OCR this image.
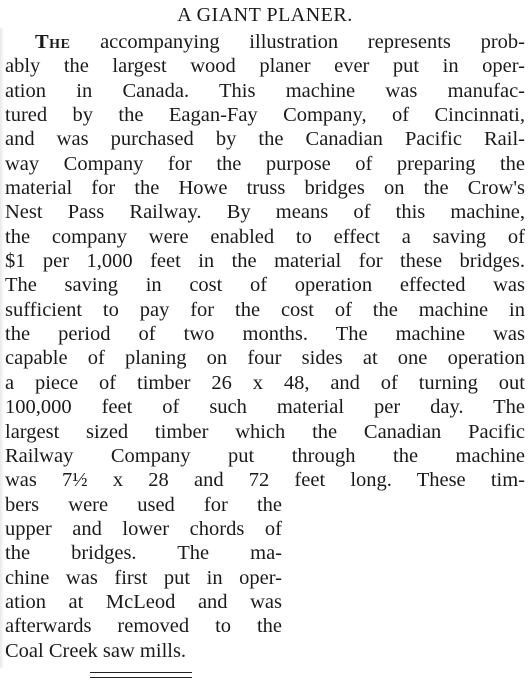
A GIANT PLANER.
The accompanying illustration represents prob-
ably the largest wood planer ever put in oper-
ation in Canada. This machine was manufac-
tured by the Eagan-Fay Company, of Cincinnati,
and was purchased by the Canadian Pacific Rail-
way Company for the purpose of preparing the
material for the Howe truss bridges on the Crow's
Nest Pass Railway. By means of this machine,
the company were enabled to effect a saving of
$1 per 1,000 feet in the material for these bridges.
The saving in cost of operation effected was
sufficient to pay for the cost of the machine in
the period of two months. The machine was
capable of planing on four sides at one operation
a piece of timber 26 x 48, and of turning out
100,000 feet of such material per day. The
largest sized timber which the Canadian Pacific
Railway Company put through the machine
was 7½ x 28 and 72 feet long. These tim-
bers were used for the
upper and lower chords of
the bridges. The ma-
chine was first put in oper-
ation at McLeod and was
afterwards removed to the
Coal Creek saw mills.
